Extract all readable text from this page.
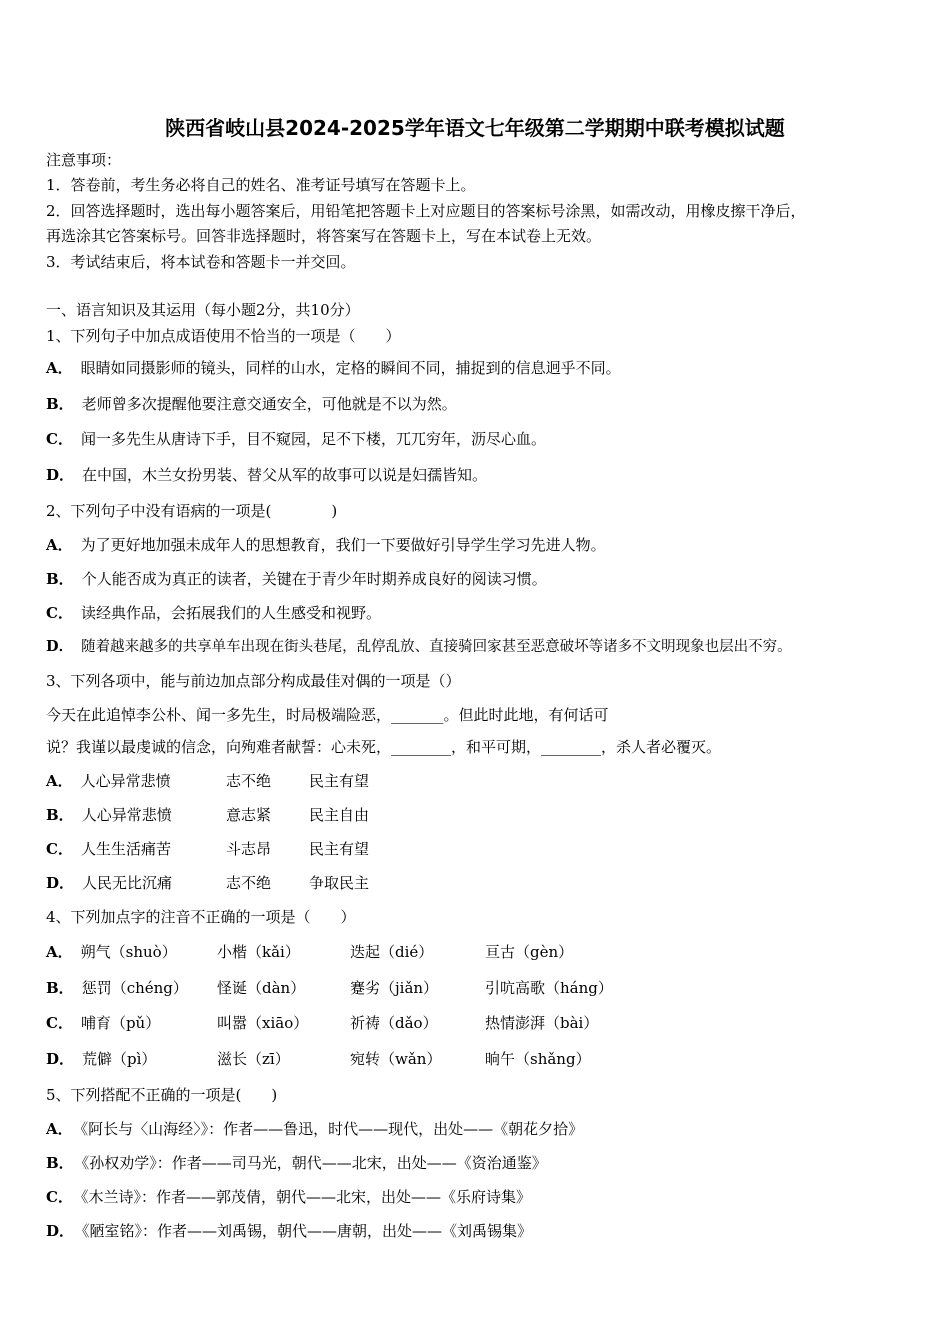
陕西省岐山县2024-2025学年语文七年级第二学期期中联考模拟试题
注意事项：
1．答卷前，考生务必将自己的姓名、准考证号填写在答题卡上。
2．回答选择题时，选出每小题答案后，用铅笔把答题卡上对应题目的答案标号涂黑，如需改动，用橡皮擦干净后，
再选涂其它答案标号。回答非选择题时，将答案写在答题卡上，写在本试卷上无效。
3．考试结束后，将本试卷和答题卡一并交回。
一、语言知识及其运用（每小题2分，共10分）
1、下列句子中加点成语使用不恰当的一项是（　　）
A． 眼睛如同摄影师的镜头，同样的山水，定格的瞬间不同，捕捉到的信息迥乎不同。
B． 老师曾多次提醒他要注意交通安全，可他就是不以为然。
C． 闻一多先生从唐诗下手，目不窥园，足不下楼，兀兀穷年，沥尽心血。
D． 在中国，木兰女扮男装、替父从军的故事可以说是妇孺皆知。
2、下列句子中没有语病的一项是(　　　　)
A． 为了更好地加强未成年人的思想教育，我们一下要做好引导学生学习先进人物。
B． 个人能否成为真正的读者，关键在于青少年时期养成良好的阅读习惯。
C． 读经典作品，会拓展我们的人生感受和视野。
D． 随着越来越多的共享单车出现在街头巷尾，乱停乱放、直接骑回家甚至恶意破坏等诸多不文明现象也层出不穷。
3、下列各项中，能与前边加点部分构成最佳对偶的一项是（）
今天在此追悼李公朴、闻一多先生，时局极端险恶，_______。但此时此地，有何话可
说？我谨以最虔诚的信念，向殉难者献誓：心未死，________，和平可期，________，杀人者必覆灭。
A． 人心异常悲愤	志不绝	民主有望
B． 人心异常悲愤	意志紧	民主自由
C． 人生生活痛苦	斗志昂	民主有望
D． 人民无比沉痛	志不绝	争取民主
4、下列加点字的注音不正确的一项是（　　）
A． 朔气（shuò）	小楷（kǎi）	迭起（dié）	亘古（gèn）
B． 惩罚（chéng） 怪诞（dàn）	蹇劣（jiǎn）	引吭高歌（háng）
C． 哺育（pǔ）	叫嚣（xiāo）	祈祷（dǎo）	热情澎湃（bài）
D． 荒僻（pì）	滋长（zī）	宛转（wǎn）	晌午（shǎng）
5、下列搭配不正确的一项是(　　)
A． 《阿长与〈山海经〉》：作者——鲁迅，时代——现代，出处——《朝花夕拾》
B． 《孙权劝学》：作者——司马光，朝代——北宋，出处——《资治通鉴》
C． 《木兰诗》：作者——郭茂倩，朝代——北宋，出处——《乐府诗集》
D． 《陋室铭》：作者——刘禹锡，朝代——唐朝，出处——《刘禹锡集》
